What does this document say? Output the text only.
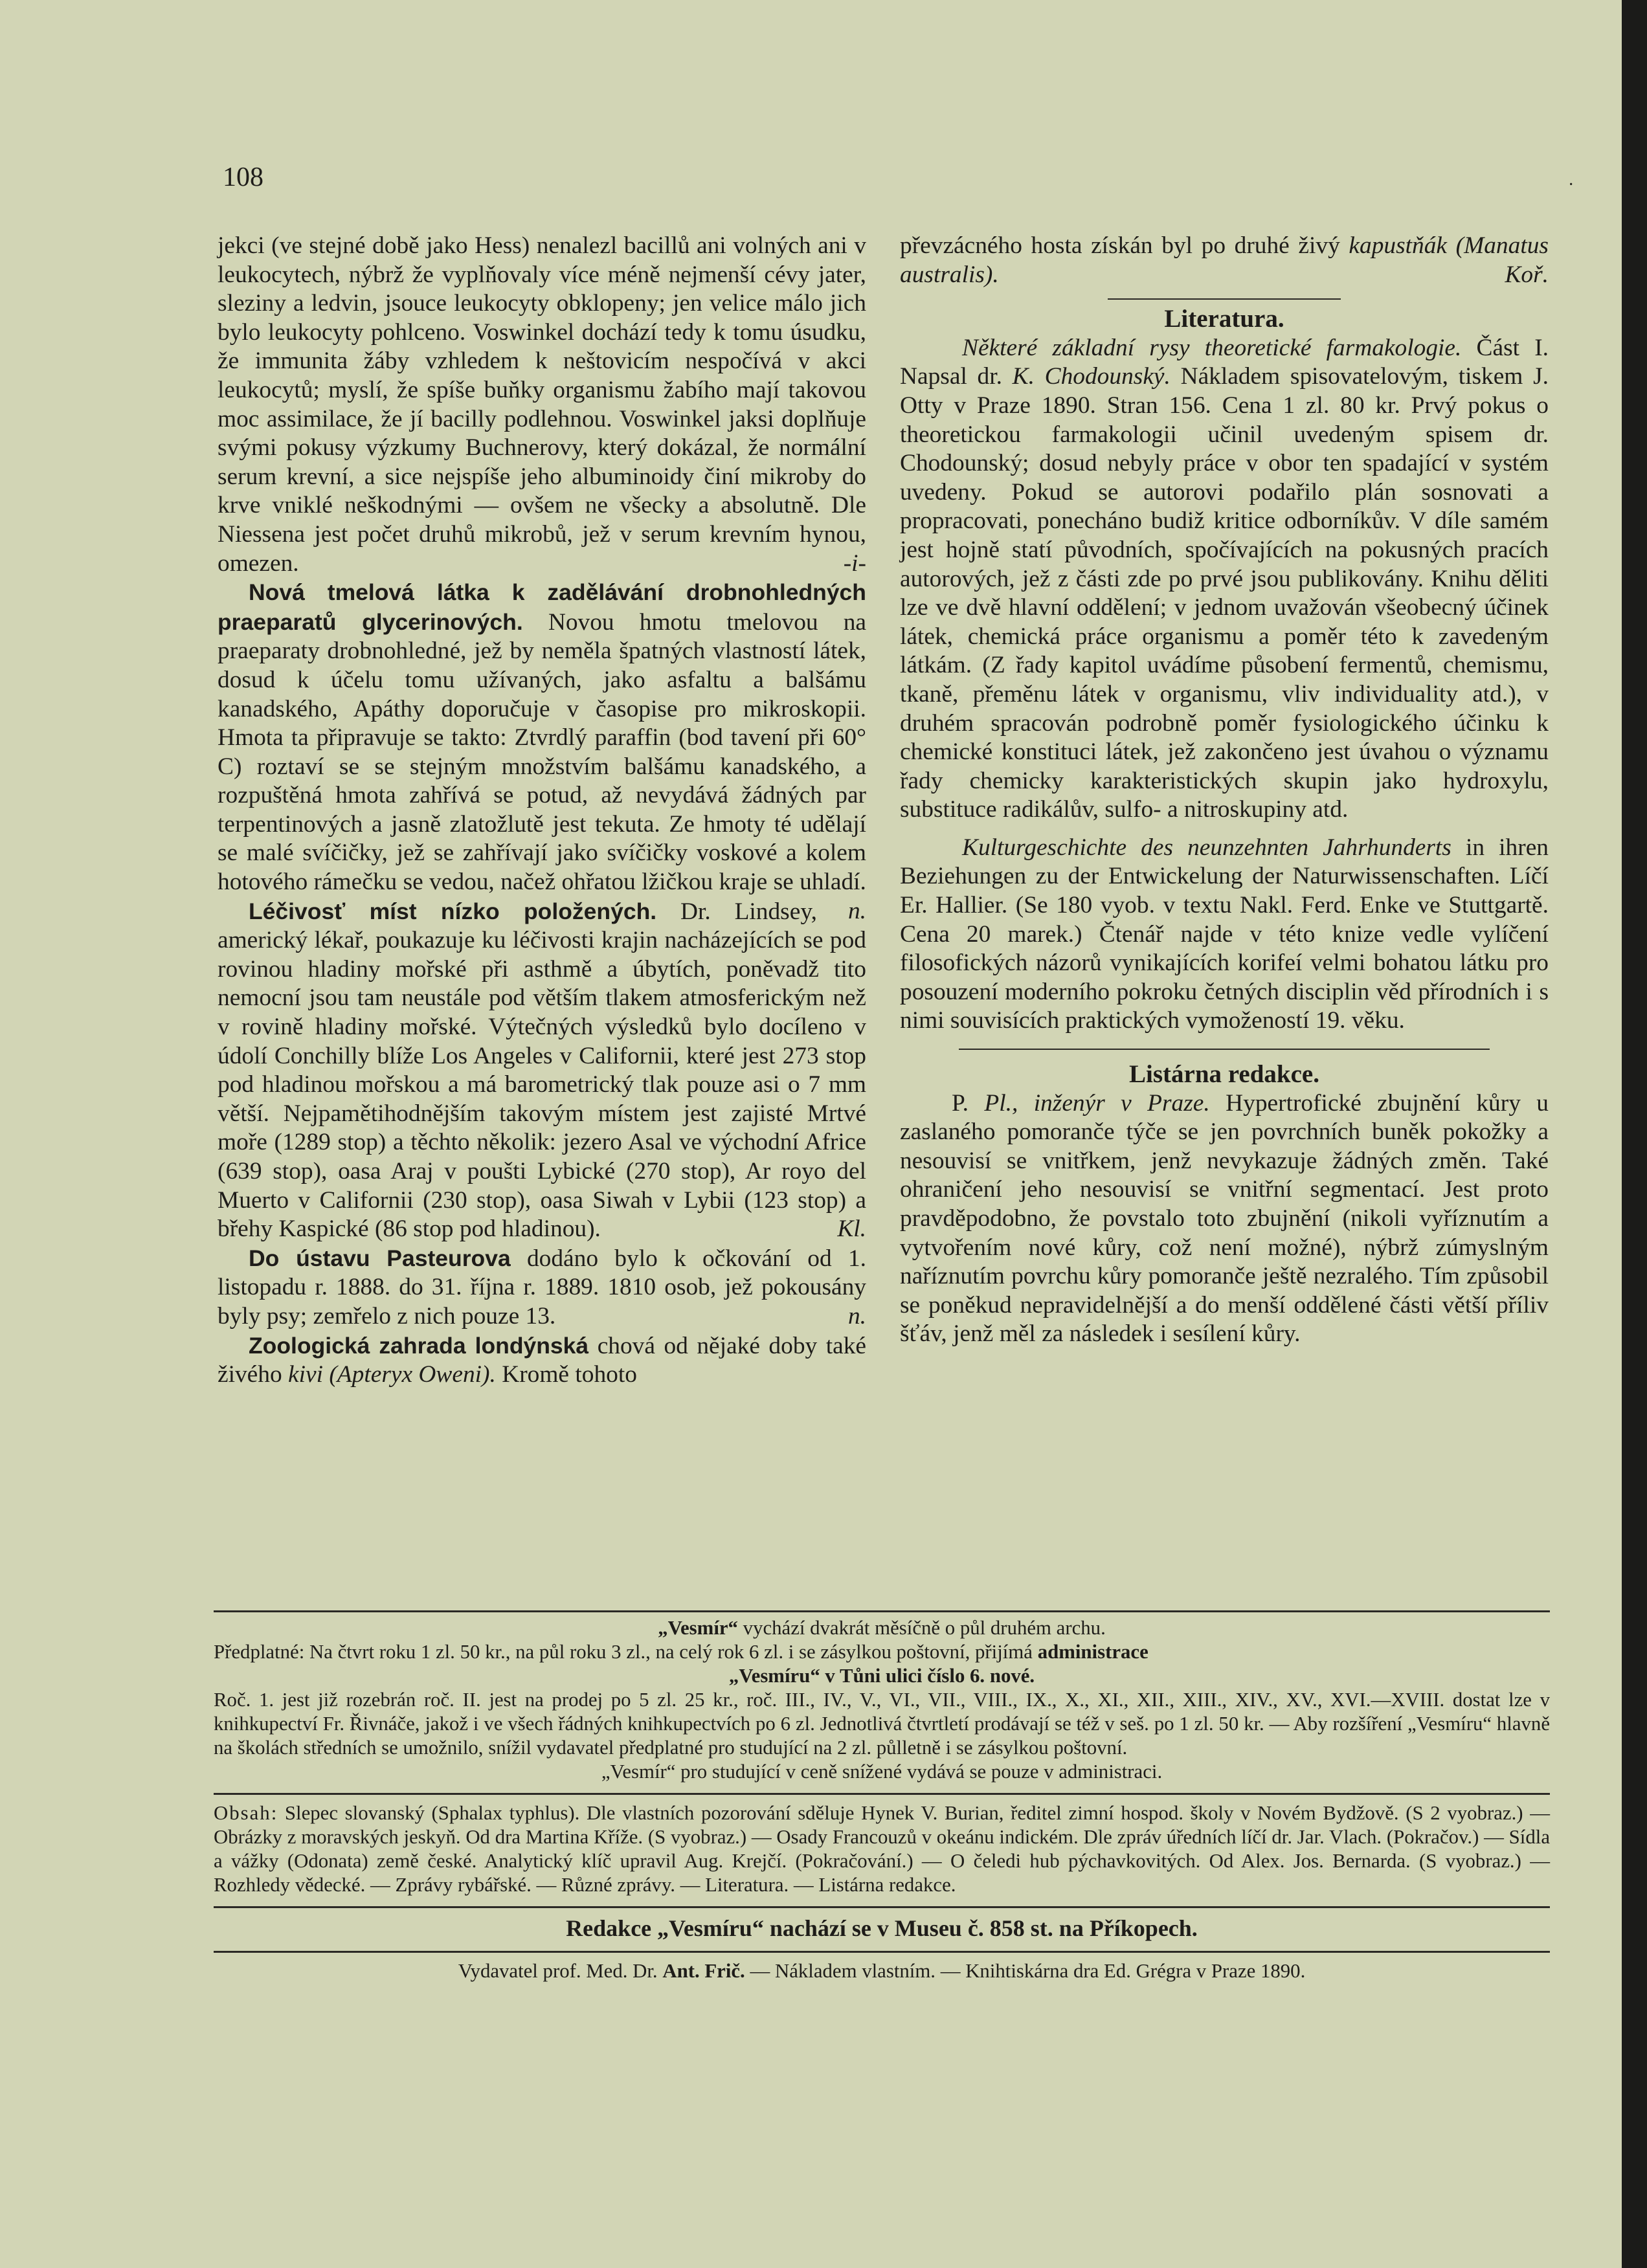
108	·

jekci (ve stejné době jako Hess) nenalezl bacillů ani volných ani v leukocytech, nýbrž že vyplňovaly více méně nejmenší cévy jater, sleziny a ledvin, jsouce leukocyty obklopeny; jen velice málo jich bylo leukocyty pohlceno. Voswinkel dochází tedy k tomu úsudku, že immunita žáby vzhledem k neštovicím nespočívá v akci leukocytů; myslí, že spíše buňky organismu žabího mají takovou moc assimilace, že jí bacilly podlehnou. Voswinkel jaksi doplňuje svými pokusy výzkumy Buchnerovy, který dokázal, že normální serum krevní, a sice nejspíše jeho albuminoidy činí mikroby do krve vniklé neškodnými — ovšem ne všecky a absolutně. Dle Niessena jest počet druhů mikrobů, jež v serum krevním hynou, omezen.	-i-

Nová tmelová látka k zadělávání drobnohledných praeparatů glycerinových. Novou hmotu tmelovou na praeparaty drobnohledné, jež by neměla špatných vlastností látek, dosud k účelu tomu užívaných, jako asfaltu a balšámu kanadského, Apáthy doporučuje v časopise pro mikroskopii. Hmota ta připravuje se takto: Ztvrdlý paraffin (bod tavení při 60° C) roztaví se se stejným množstvím balšámu kanadského, a rozpuštěná hmota zahřívá se potud, až nevydává žádných par terpentinových a jasně zlatožlutě jest tekuta. Ze hmoty té udělají se malé svíčičky, jež se zahřívají jako svíčičky voskové a kolem hotového rámečku se vedou, načež ohřatou lžičkou kraje se uhladí.
n.

Léčivosť míst nízko položených. Dr. Lindsey, americký lékař, poukazuje ku léčivosti krajin nacházejících se pod rovinou hladiny mořské při asthmě a úbytích, poněvadž tito nemocní jsou tam neustále pod větším tlakem atmosferickým než v rovině hladiny mořské. Výtečných výsledků bylo docíleno v údolí Conchilly blíže Los Angeles v Californii, které jest 273 stop pod hladinou mořskou a má barometrický tlak pouze asi o 7 mm větší. Nejpamětihodnějším takovým místem jest zajisté Mrtvé moře (1289 stop) a těchto několik: jezero Asal ve východní Africe (639 stop), oasa Araj v poušti Lybické (270 stop), Ar royo del Muerto v Californii (230 stop), oasa Siwah v Lybii (123 stop) a břehy Kaspické (86 stop pod hladinou).	Kl.

Do ústavu Pasteurova dodáno bylo k očkování od 1. listopadu r. 1888. do 31. října r. 1889. 1810 osob, jež pokousány byly psy; zemřelo z nich pouze 13.	n.

Zoologická zahrada londýnská chová od nějaké doby také živého kivi (Apteryx Oweni). Kromě tohoto

převzácného hosta získán byl po druhé živý kapustňák (Manatus australis).	Koř.

Literatura.

Některé základní rysy theoretické farmakologie. Část I. Napsal dr. K. Chodounský. Nákladem spisovatelovým, tiskem J. Otty v Praze 1890. Stran 156. Cena 1 zl. 80 kr. Prvý pokus o theoretickou farmakologii učinil uvedeným spisem dr. Chodounský; dosud nebyly práce v obor ten spadající v systém uvedeny. Pokud se autorovi podařilo plán sosnovati a propracovati, ponecháno budiž kritice odborníkův. V díle samém jest hojně statí původních, spočívajících na pokusných pracích autorových, jež z části zde po prvé jsou publikovány. Knihu děliti lze ve dvě hlavní oddělení; v jednom uvažován všeobecný účinek látek, chemická práce organismu a poměr této k zavedeným látkám. (Z řady kapitol uvádíme působení fermentů, chemismu, tkaně, přeměnu látek v organismu, vliv individuality atd.), v druhém spracován podrobně poměr fysiologického účinku k chemické konstituci látek, jež zakončeno jest úvahou o významu řady chemicky karakteristických skupin jako hydroxylu, substituce radikálův, sulfo- a nitroskupiny atd.

Kulturgeschichte des neunzehnten Jahrhunderts in ihren Beziehungen zu der Entwickelung der Naturwissenschaften. Líčí Er. Hallier. (Se 180 vyob. v textu Nakl. Ferd. Enke ve Stuttgartě. Cena 20 marek.) Čtenář najde v této knize vedle vylíčení filosofických názorů vynikajících korifeí velmi bohatou látku pro posouzení moderního pokroku četných disciplin věd přírodních i s nimi souvisících praktických vymožeností 19. věku.

Listárna redakce.

P. Pl., inženýr v Praze. Hypertrofické zbujnění kůry u zaslaného pomoranče týče se jen povrchních buněk pokožky a nesouvisí se vnitřkem, jenž nevykazuje žádných změn. Také ohraničení jeho nesouvisí se vnitřní segmentací. Jest proto pravděpodobno, že povstalo toto zbujnění (nikoli vyříznutím a vytvořením nové kůry, což není možné), nýbrž zúmyslným naříznutím povrchu kůry pomoranče ještě nezralého. Tím způsobil se poněkud nepravidelnější a do menší oddělené části větší příliv šťáv, jenž měl za následek i sesílení kůry.

„Vesmír“ vychází dvakrát měsíčně o půl druhém archu.
Předplatné: Na čtvrt roku 1 zl. 50 kr., na půl roku 3 zl., na celý rok 6 zl. i se zásylkou poštovní, přijímá administrace
„Vesmíru“ v Tůni ulici číslo 6. nové.
Roč. 1. jest již rozebrán roč. II. jest na prodej po 5 zl. 25 kr., roč. III., IV., V., VI., VII., VIII., IX., X., XI., XII., XIII., XIV., XV., XVI.—XVIII. dostat lze v knihkupectví Fr. Řivnáče, jakož i ve všech řádných knihkupectvích po 6 zl. Jednotlivá čtvrtletí prodávají se též v seš. po 1 zl. 50 kr. — Aby rozšíření „Vesmíru“ hlavně na školách středních se umožnilo, snížil vydavatel předplatné pro studující na 2 zl. půlletně i se zásylkou poštovní.
„Vesmír“ pro studující v ceně snížené vydává se pouze v administraci.

Obsah: Slepec slovanský (Sphalax typhlus). Dle vlastních pozorování sděluje Hynek V. Burian, ředitel zimní hospod. školy v Novém Bydžově. (S 2 vyobraz.) — Obrázky z moravských jeskyň. Od dra Martina Kříže. (S vyobraz.) — Osady Francouzů v okeánu indickém. Dle zpráv úředních líčí dr. Jar. Vlach. (Pokračov.) — Sídla a vážky (Odonata) země české. Analytický klíč upravil Aug. Krejčí. (Pokračování.) — O čeledi hub pýchavkovitých. Od Alex. Jos. Bernarda. (S vyobraz.) — Rozhledy vědecké. — Zprávy rybářské. — Různé zprávy. — Literatura. — Listárna redakce.

Redakce „Vesmíru“ nachází se v Museu č. 858 st. na Příkopech.
Vydavatel prof. Med. Dr. Ant. Frič. — Nákladem vlastním. — Knihtiskárna dra Ed. Grégra v Praze 1890.
